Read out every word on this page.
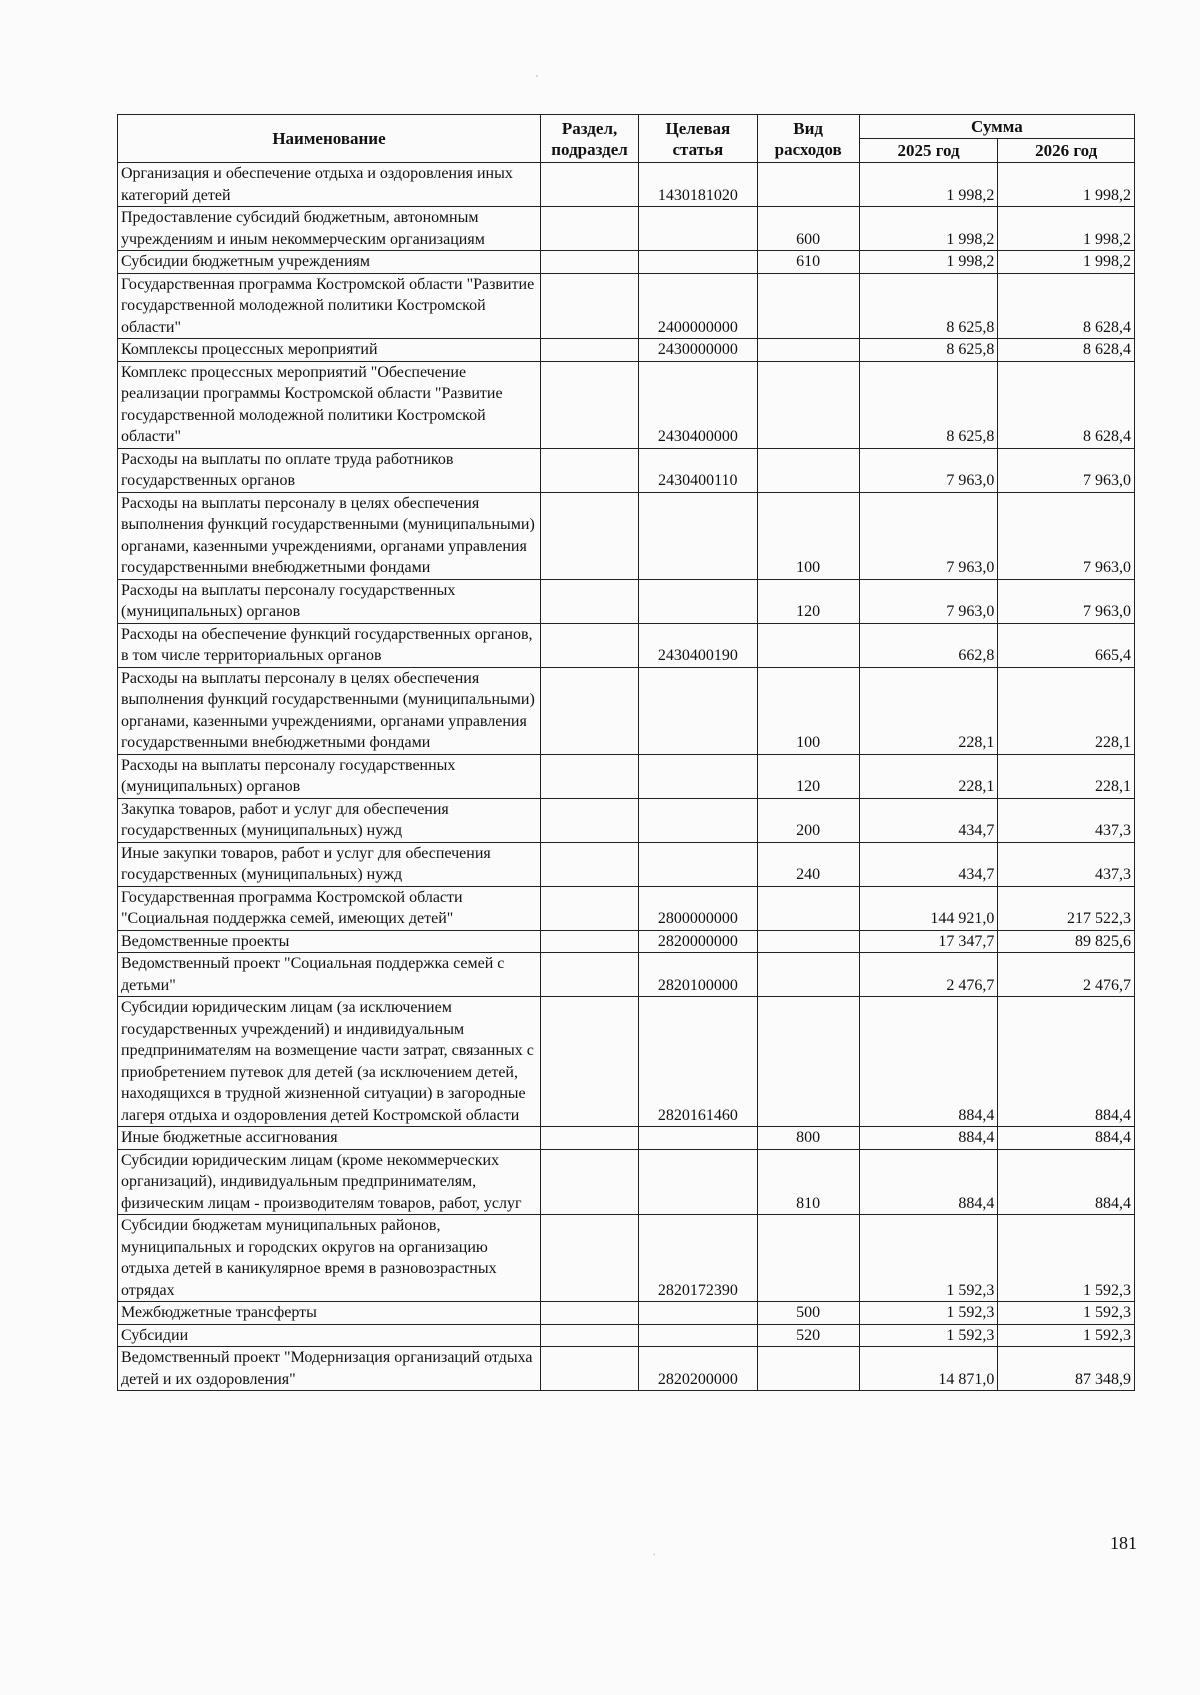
Наименование	Раздел, подраздел	Целевая статья	Вид расходов	Сумма	
				2025 год	2026 год
Организация и обеспечение отдыха и оздоровления иных категорий детей		1430181020		1 998,2	1 998,2
Предоставление субсидий бюджетным, автономным учреждениям и иным некоммерческим организациям			600	1 998,2	1 998,2
Субсидии бюджетным учреждениям			610	1 998,2	1 998,2
Государственная программа Костромской области "Развитие государственной молодежной политики Костромской области"		2400000000		8 625,8	8 628,4
Комплексы процессных мероприятий		2430000000		8 625,8	8 628,4
Комплекс процессных мероприятий "Обеспечение реализации программы Костромской области "Развитие государственной молодежной политики Костромской области"		2430400000		8 625,8	8 628,4
Расходы на выплаты по оплате труда работников государственных органов		2430400110		7 963,0	7 963,0
Расходы на выплаты персоналу в целях обеспечения выполнения функций государственными (муниципальными) органами, казенными учреждениями, органами управления государственными внебюджетными фондами			100	7 963,0	7 963,0
Расходы на выплаты персоналу государственных (муниципальных) органов			120	7 963,0	7 963,0
Расходы на обеспечение функций государственных органов, в том числе территориальных органов		2430400190		662,8	665,4
Расходы на выплаты персоналу в целях обеспечения выполнения функций государственными (муниципальными) органами, казенными учреждениями, органами управления государственными внебюджетными фондами			100	228,1	228,1
Расходы на выплаты персоналу государственных (муниципальных) органов			120	228,1	228,1
Закупка товаров, работ и услуг для обеспечения государственных (муниципальных) нужд			200	434,7	437,3
Иные закупки товаров, работ и услуг для обеспечения государственных (муниципальных) нужд			240	434,7	437,3
Государственная программа Костромской области "Социальная поддержка семей, имеющих детей"		2800000000		144 921,0	217 522,3
Ведомственные проекты		2820000000		17 347,7	89 825,6
Ведомственный проект "Социальная поддержка семей с детьми"		2820100000		2 476,7	2 476,7
Субсидии юридическим лицам (за исключением государственных учреждений) и индивидуальным предпринимателям на возмещение части затрат, связанных с приобретением путевок для детей (за исключением детей, находящихся в трудной жизненной ситуации) в загородные лагеря отдыха и оздоровления детей Костромской области		2820161460		884,4	884,4
Иные бюджетные ассигнования			800	884,4	884,4
Субсидии юридическим лицам (кроме некоммерческих организаций), индивидуальным предпринимателям, физическим лицам - производителям товаров, работ, услуг			810	884,4	884,4
Субсидии бюджетам муниципальных районов, муниципальных и городских округов на организацию отдыха детей в каникулярное время в разновозрастных отрядах		2820172390		1 592,3	1 592,3
Межбюджетные трансферты			500	1 592,3	1 592,3
Субсидии			520	1 592,3	1 592,3
Ведомственный проект "Модернизация организаций отдыха детей и их оздоровления"		2820200000		14 871,0	87 348,9
181
'
.
